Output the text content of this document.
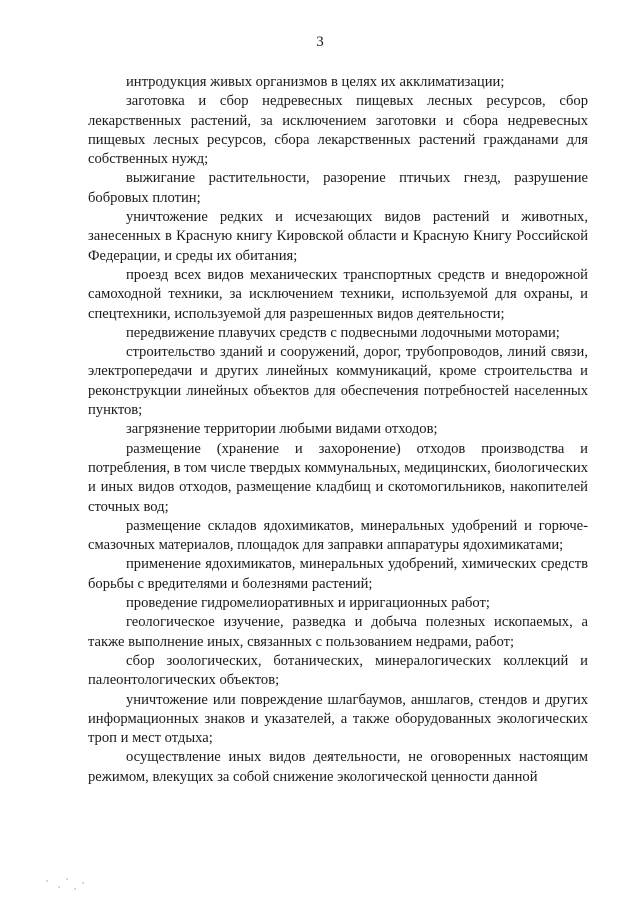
3

интродукция живых организмов в целях их акклиматизации;

заготовка и сбор недревесных пищевых лесных ресурсов, сбор лекарственных растений, за исключением заготовки и сбора недревесных пищевых лесных ресурсов, сбора лекарственных растений гражданами для собственных нужд;

выжигание растительности, разорение птичьих гнезд, разрушение бобровых плотин;

уничтожение редких и исчезающих видов растений и животных, занесенных в Красную книгу Кировской области и Красную Книгу Российской Федерации, и среды их обитания;

проезд всех видов механических транспортных средств и внедорожной самоходной техники, за исключением техники, используемой для охраны, и спецтехники, используемой для разрешенных видов деятельности;

передвижение плавучих средств с подвесными лодочными моторами;

строительство зданий и сооружений, дорог, трубопроводов, линий связи, электропередачи и других линейных коммуникаций, кроме строительства и реконструкции линейных объектов для обеспечения потребностей населенных пунктов;

загрязнение территории любыми видами отходов;

размещение (хранение и захоронение) отходов производства и потребления, в том числе твердых коммунальных, медицинских, биологических и иных видов отходов, размещение кладбищ и скотомогильников, накопителей сточных вод;

размещение складов ядохимикатов, минеральных удобрений и горюче-смазочных материалов, площадок для заправки аппаратуры ядохимикатами;

применение ядохимикатов, минеральных удобрений, химических средств борьбы с вредителями и болезнями растений;

проведение гидромелиоративных и ирригационных работ;

геологическое изучение, разведка и добыча полезных ископаемых, а также выполнение иных, связанных с пользованием недрами, работ;

сбор зоологических, ботанических, минералогических коллекций и палеонтологических объектов;

уничтожение или повреждение шлагбаумов, аншлагов, стендов и других информационных знаков и указателей, а также оборудованных экологических троп и мест отдыха;

осуществление иных видов деятельности, не оговоренных настоящим режимом, влекущих за собой снижение экологической ценности данной
